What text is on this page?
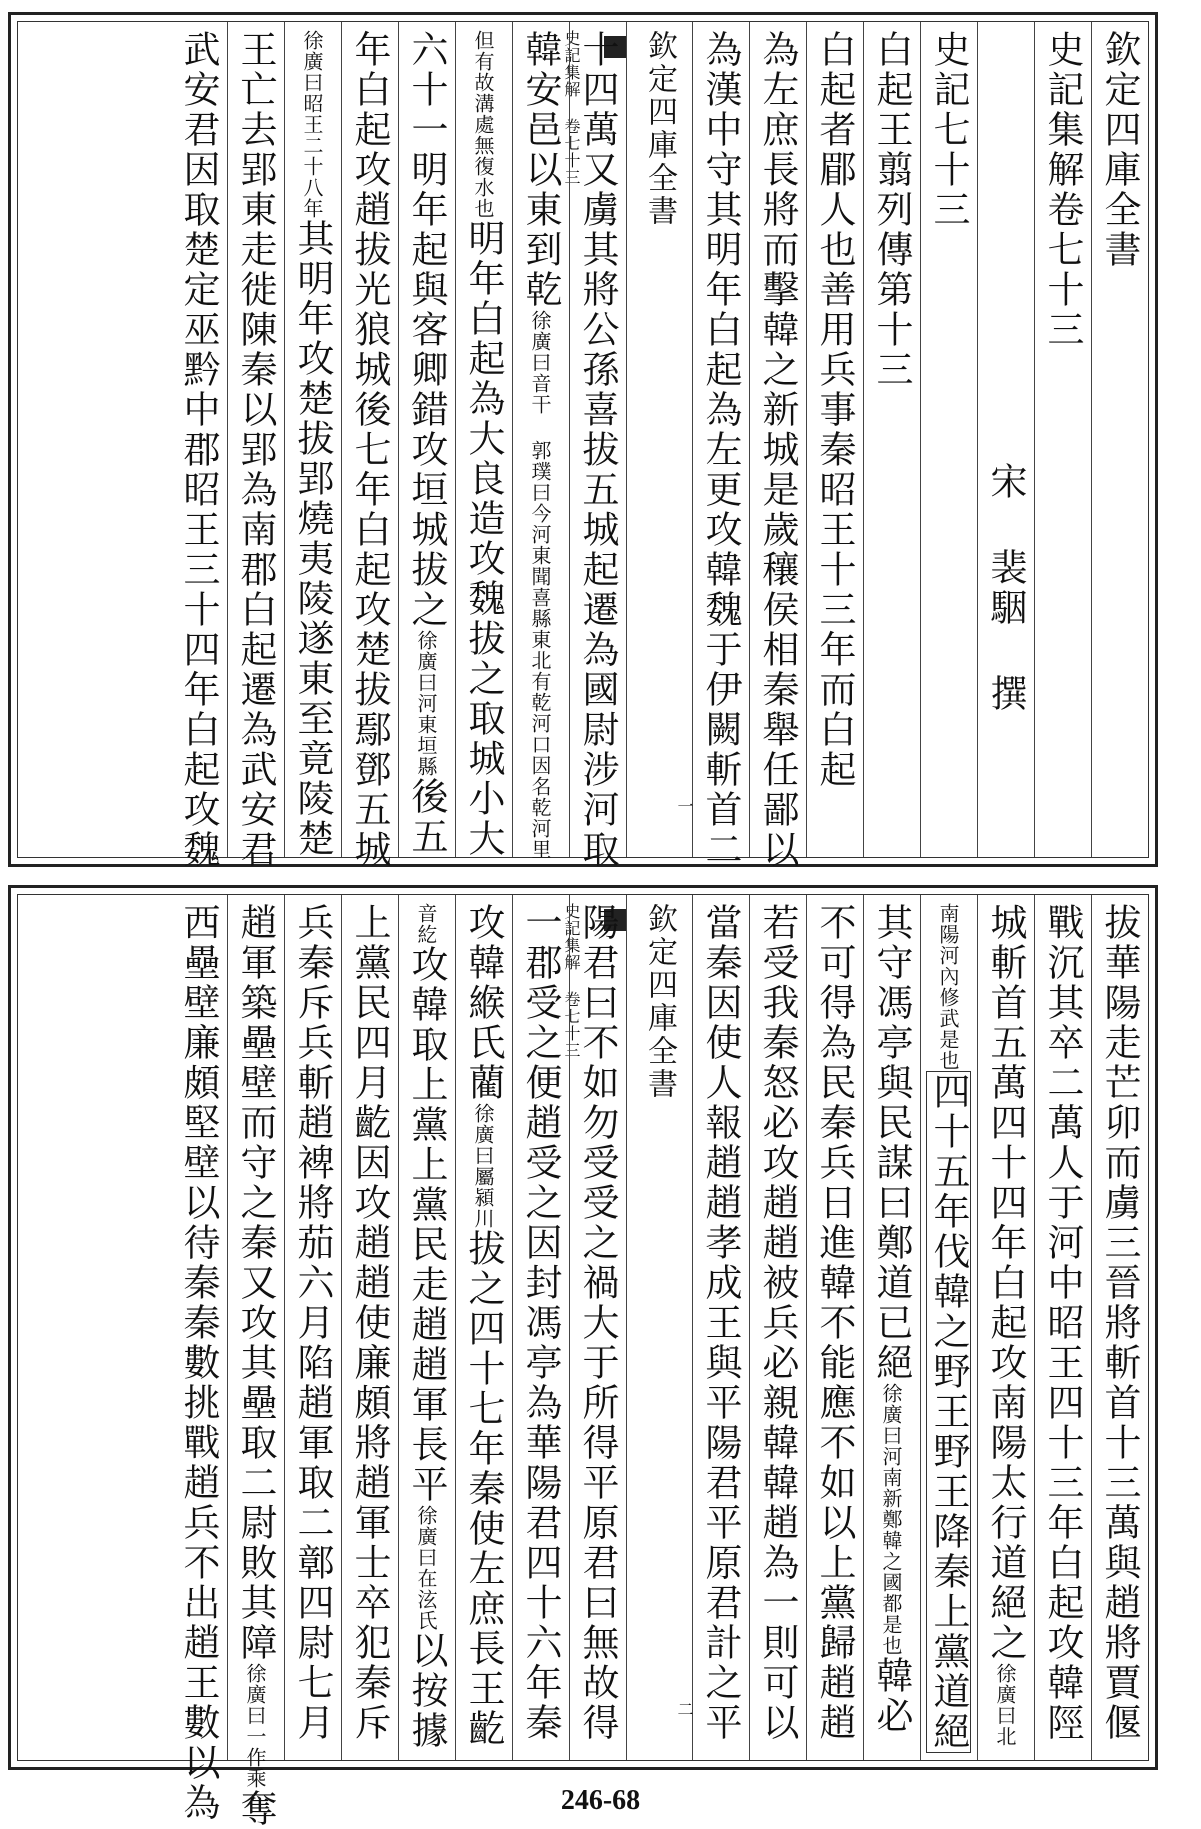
欽定四庫全書
史記集解卷七十三
宋 裴駰 撰
史記七十三
白起王翦列傳第十三
白起者郿人也善用兵事秦昭王十三年而白起
為左庶長將而擊韓之新城是歲穰侯相秦舉任鄙以
為漢中守其明年白起為左更攻韓魏于伊闕斬首二
欽定四庫全書
史記集解 卷七十三
一
十四萬又虜其將公孫喜拔五城起遷為國尉涉河取
韓安邑以東到乾徐廣曰音干 郭璞曰今河東聞喜縣東北有乾河口因名乾河里
但有故溝處無復水也明年白起為大良造攻魏拔之取城小大
六十一明年起與客卿錯攻垣城拔之徐廣曰河東垣縣後五
年白起攻趙拔光狼城後七年白起攻楚拔鄢鄧五城
徐廣曰昭王二十八年其明年攻楚拔郢燒夷陵遂東至竟陵楚
王亡去郢東走徙陳秦以郢為南郡白起遷為武安君
武安君因取楚定巫黔中郡昭王三十四年白起攻魏
拔華陽走芒卯而虜三晉將斬首十三萬與趙將賈偃
戰沉其卒二萬人于河中昭王四十三年白起攻韓陘
城斬首五萬四十四年白起攻南陽太行道絕之徐廣曰北
南陽河內修武是也四十五年伐韓之野王野王降秦上黨道絕
其守馮亭與民謀曰鄭道已絕徐廣曰河南新鄭韓之國都是也韓必
不可得為民秦兵日進韓不能應不如以上黨歸趙趙
若受我秦怒必攻趙趙被兵必親韓韓趙為一則可以
當秦因使人報趙趙孝成王與平陽君平原君計之平
欽定四庫全書
史記集解 卷七十三
二
陽君曰不如勿受受之禍大于所得平原君曰無故得
一郡受之便趙受之因封馮亭為華陽君四十六年秦
攻韓緱氏藺徐廣曰屬潁川拔之四十七年秦使左庶長王齕
音紇攻韓取上黨上黨民走趙趙軍長平徐廣曰在泫氏以按據
上黨民四月齕因攻趙趙使廉頗將趙軍士卒犯秦斥
兵秦斥兵斬趙裨將茄六月陷趙軍取二鄣四尉七月
趙軍築壘壁而守之秦又攻其壘取二尉敗其障徐廣曰一作乘奪
西壘壁廉頗堅壁以待秦秦數挑戰趙兵不出趙王數以為	246-68
